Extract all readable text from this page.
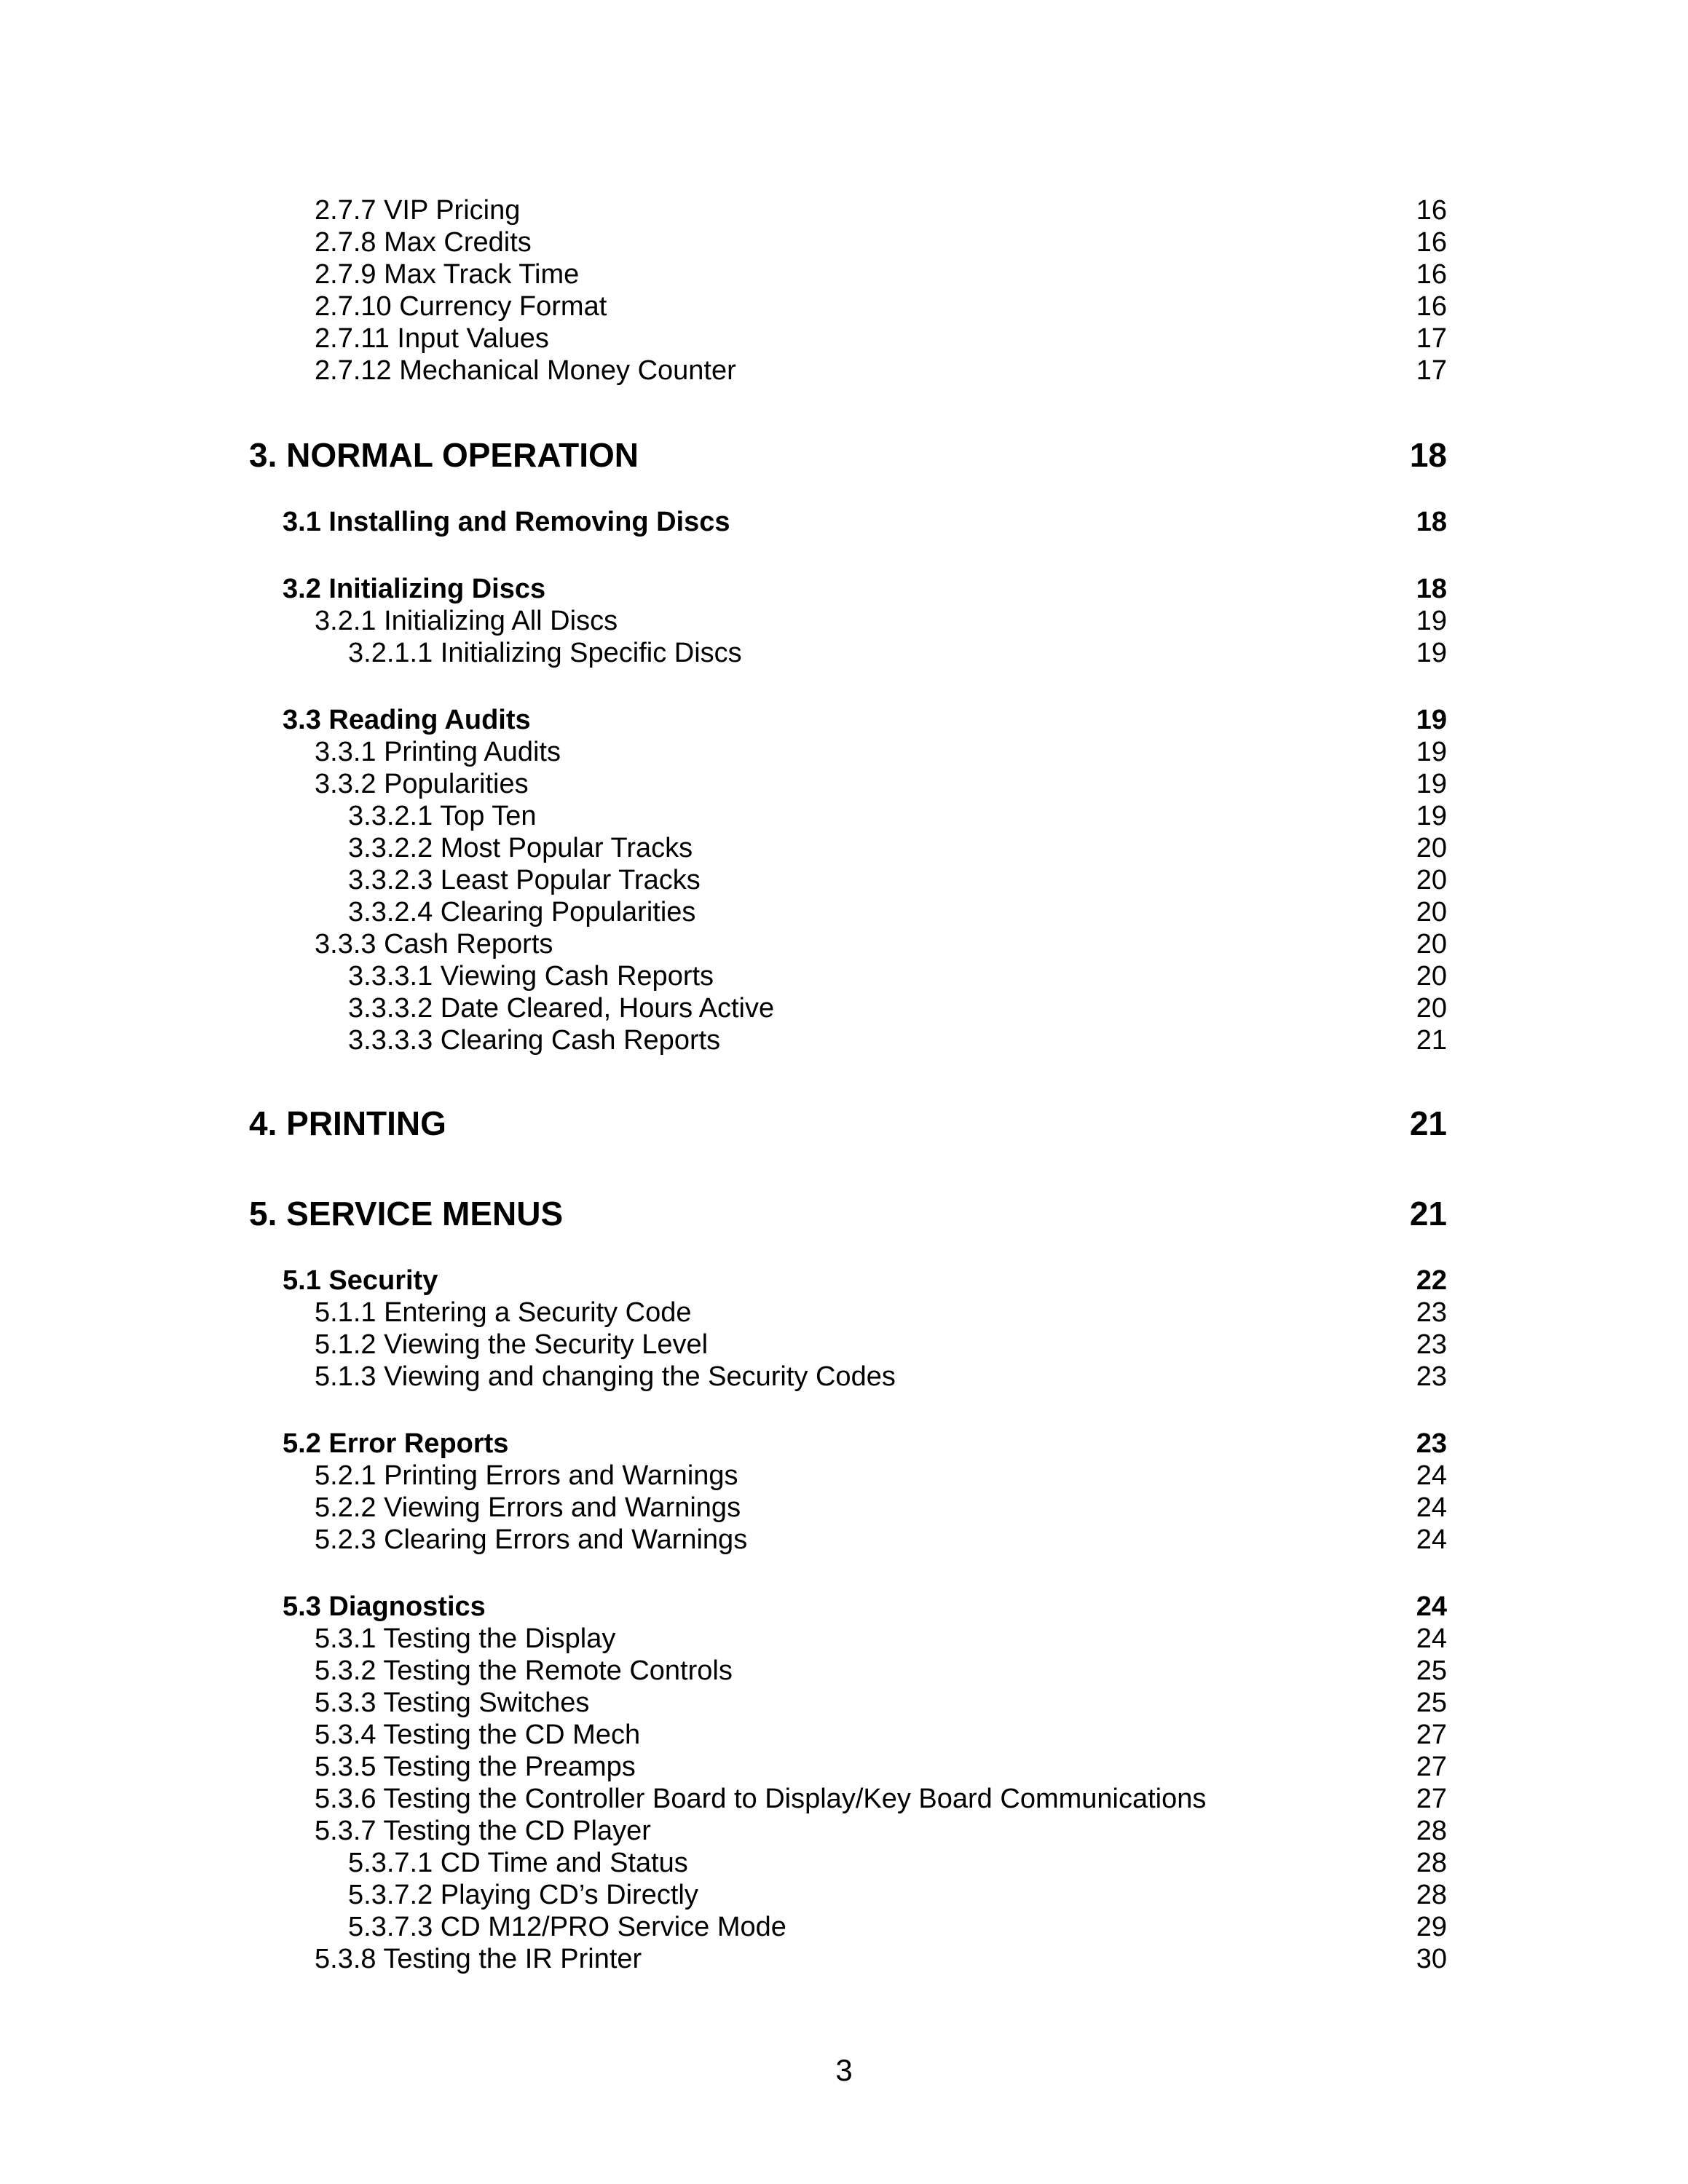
2.7.7 VIP Pricing	16
2.7.8 Max Credits	16
2.7.9 Max Track Time	16
2.7.10 Currency Format	16
2.7.11 Input Values	17
2.7.12 Mechanical Money Counter	17
3. NORMAL OPERATION	18
3.1 Installing and Removing Discs	18
3.2 Initializing Discs	18
3.2.1 Initializing All Discs	19
3.2.1.1 Initializing Specific Discs	19
3.3 Reading Audits	19
3.3.1 Printing Audits	19
3.3.2 Popularities	19
3.3.2.1 Top Ten	19
3.3.2.2 Most Popular Tracks	20
3.3.2.3 Least Popular Tracks	20
3.3.2.4 Clearing Popularities	20
3.3.3 Cash Reports	20
3.3.3.1 Viewing Cash Reports	20
3.3.3.2 Date Cleared, Hours Active	20
3.3.3.3 Clearing Cash Reports	21
4. PRINTING	21
5. SERVICE MENUS	21
5.1 Security	22
5.1.1 Entering a Security Code	23
5.1.2 Viewing the Security Level	23
5.1.3 Viewing and changing the Security Codes	23
5.2 Error Reports	23
5.2.1 Printing Errors and Warnings	24
5.2.2 Viewing Errors and Warnings	24
5.2.3 Clearing Errors and Warnings	24
5.3 Diagnostics	24
5.3.1 Testing the Display	24
5.3.2 Testing the Remote Controls	25
5.3.3 Testing Switches	25
5.3.4 Testing the CD Mech	27
5.3.5 Testing the Preamps	27
5.3.6 Testing the Controller Board to Display/Key Board Communications	27
5.3.7 Testing the CD Player	28
5.3.7.1 CD Time and Status	28
5.3.7.2 Playing CD’s Directly	28
5.3.7.3 CD M12/PRO Service Mode	29
5.3.8 Testing the IR Printer	30
3
